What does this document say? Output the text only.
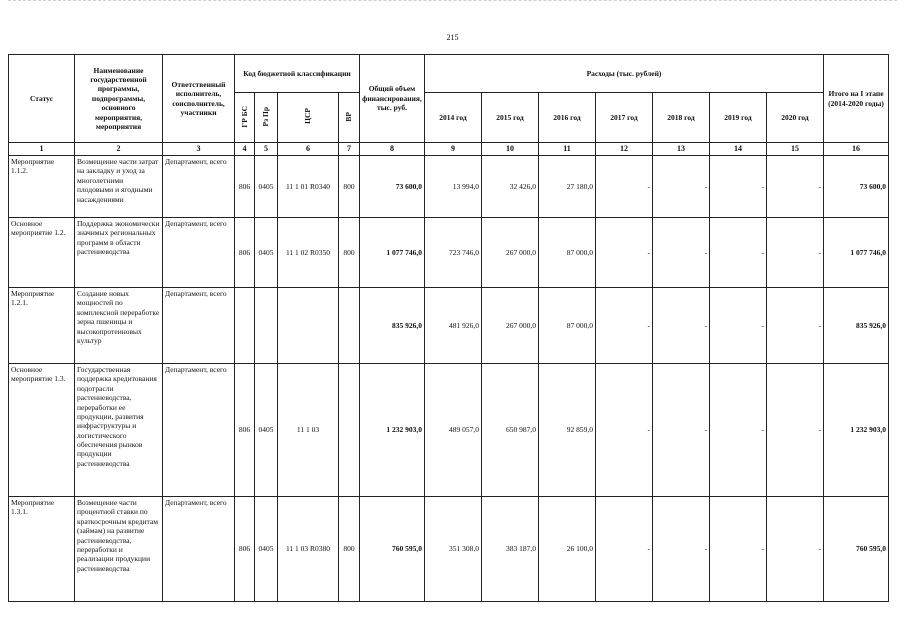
215
Статус	Наименование государственной программы, подпрограммы, основного мероприятия, мероприятия	Ответственный исполнитель, соисполнитель, участники	Код бюджетной классификации				Общий объем финансирования, тыс. руб.	Расходы (тыс. рублей)							Итого на I этапе (2014-2020 годы)
			ГР БС	Рз Пр	ЦСР	ВР		2014 год	2015 год	2016 год	2017 год	2018 год	2019 год	2020 год	
1	2	3	4	5	6	7	8	9	10	11	12	13	14	15	16
Мероприятие 1.1.2.	Возмещение части затрат на закладку и уход за многолетними плодовыми и ягодными насаждениями	Департамент, всего	806	0405	11 1 01 R0340	800	73 600,0	13 994,0	32 426,0	27 180,0	-	-	-	-	73 600,0
Основное мероприятие 1.2.	Поддержка экономически значимых региональных программ в области растениеводства	Департамент, всего	806	0405	11 1 02 R0350	800	1 077 746,0	723 746,0	267 000,0	87 000,0	-	-	-	-	1 077 746,0
Мероприятие 1.2.1.	Создание новых мощностей по комплексной переработке зерна пшеницы и высокопротеиновых культур	Департамент, всего					835 926,0	481 926,0	267 000,0	87 000,0	-	-	-	-	835 926,0
Основное мероприятие 1.3.	Государственная поддержка кредитования подотрасли растениеводства, переработки ее продукции, развития инфраструктуры и логистического обеспечения рынков продукции растениеводства	Департамент, всего	806	0405	11 1 03		1 232 903,0	489 057,0	650 987,0	92 859,0	-	-	-	-	1 232 903,0
Мероприятие 1.3.1.	Возмещение части процентной ставки по краткосрочным кредитам (займам) на развитие растениеводства, переработки и реализации продукции растениеводства	Департамент, всего	806	0405	11 1 03 R0380	800	760 595,0	351 308,0	383 187,0	26 100,0	-	-	-	-	760 595,0
